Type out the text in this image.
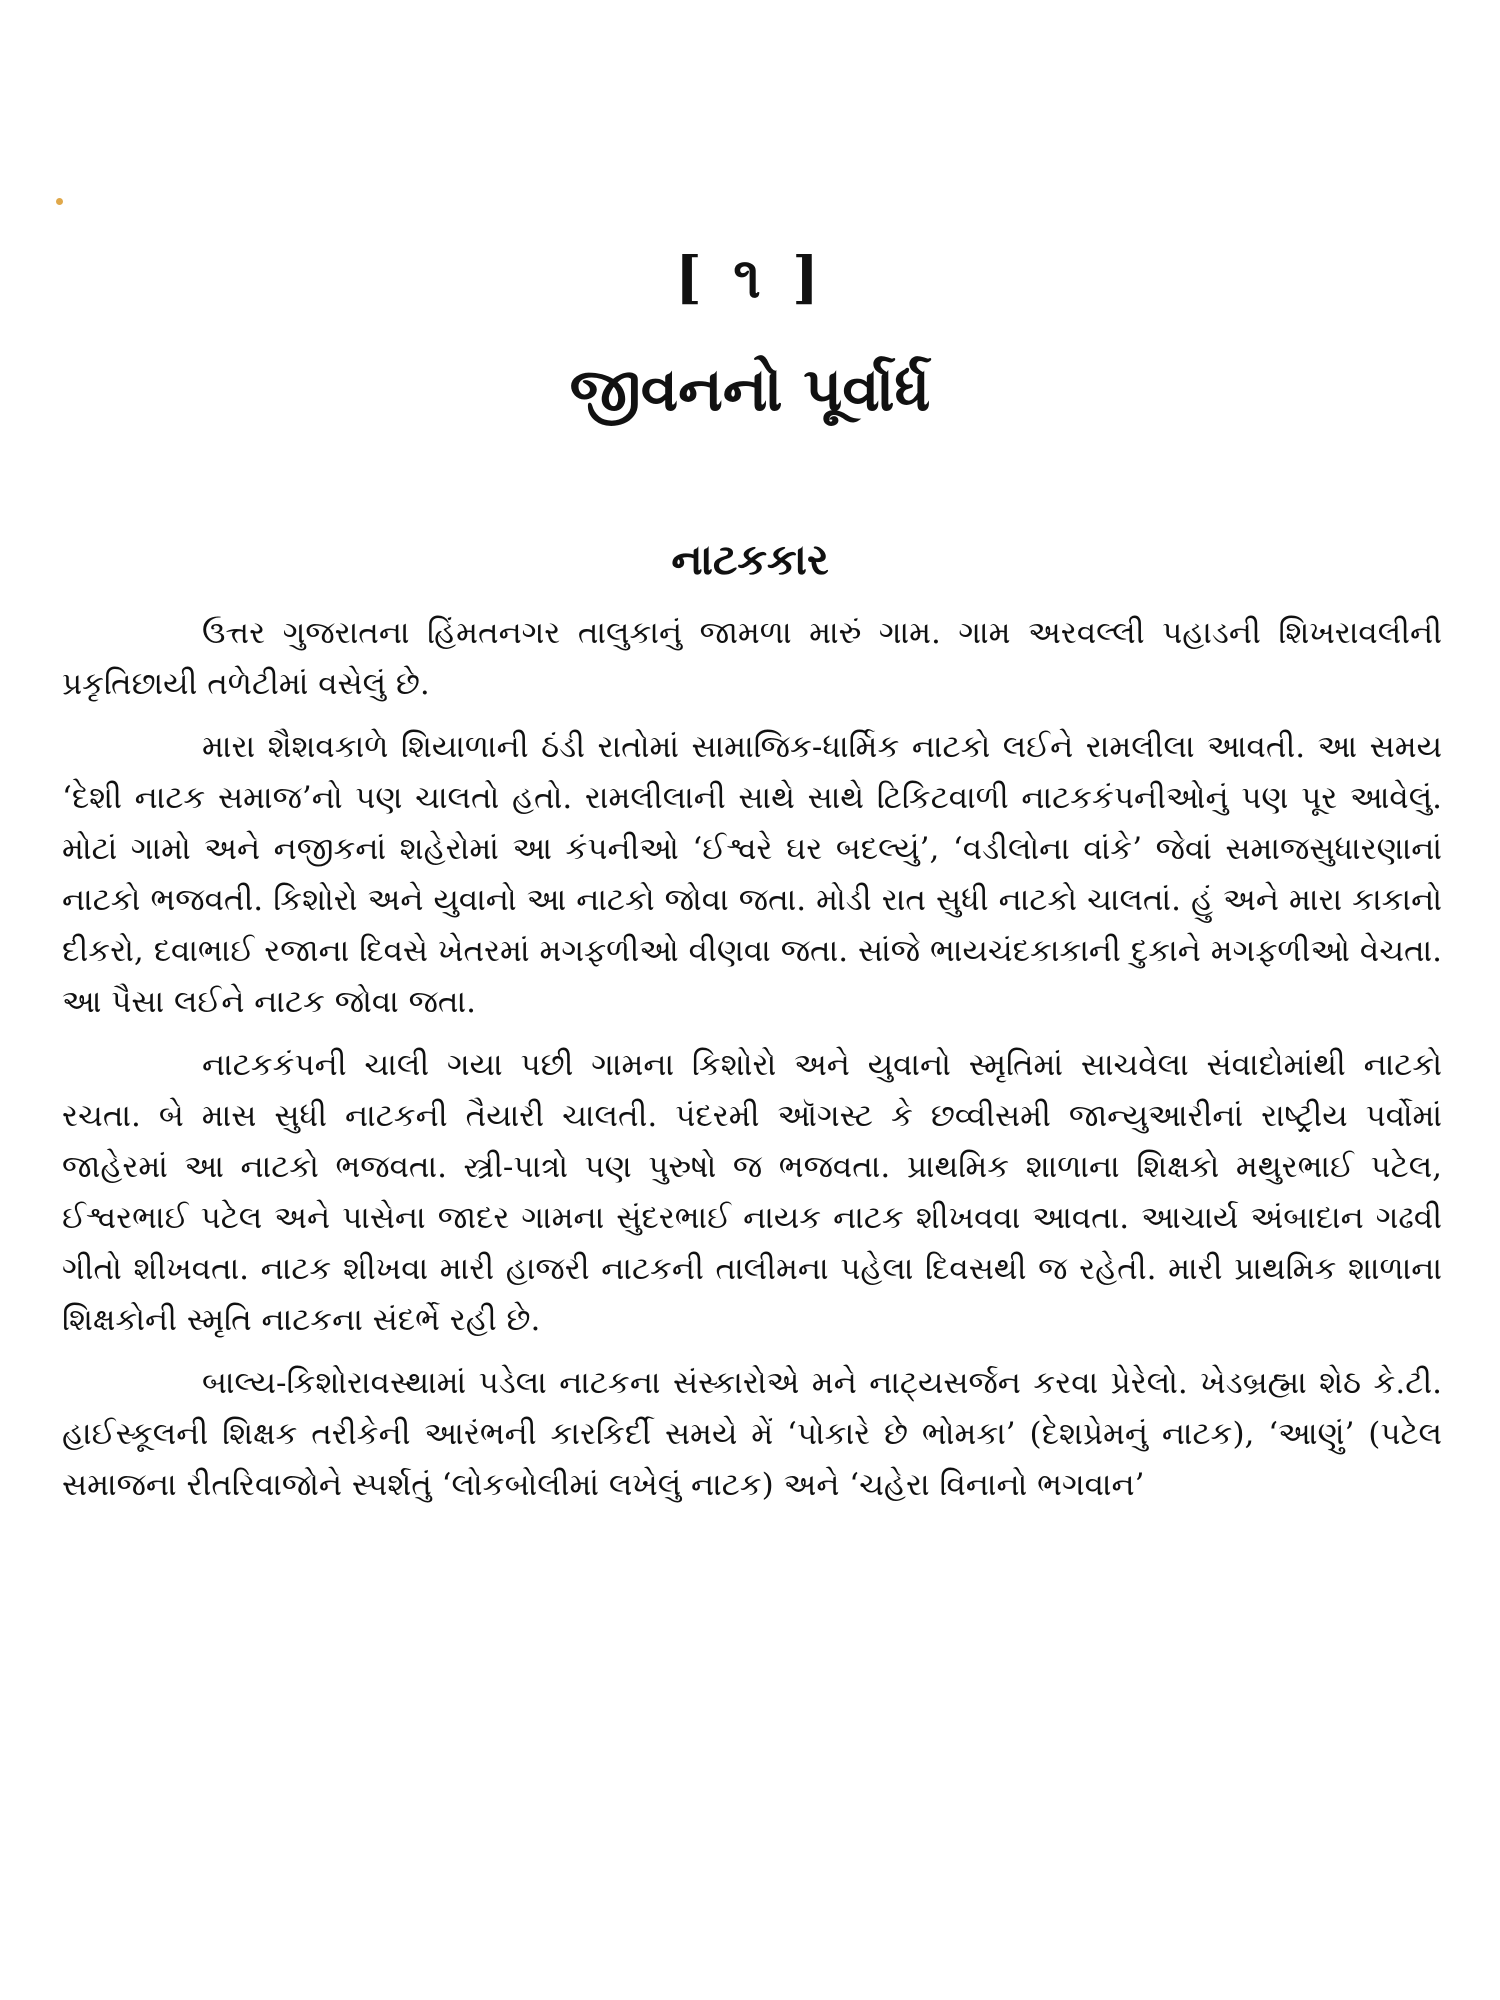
[ ૧ ]
જીવનનો પૂર્વાર્ધ
નાટકકાર

ઉત્તર ગુજરાતના હિંમતનગર તાલુકાનું જામળા મારું ગામ. ગામ અરવલ્લી પહાડની શિખરાવલીની પ્રકૃતિછાયી તળેટીમાં વસેલું છે.

મારા શૈશવકાળે શિયાળાની ઠંડી રાતોમાં સામાજિક-ધાર્મિક નાટકો લઈને રામલીલા આવતી. આ સમય ‘દેશી નાટક સમાજ’નો પણ ચાલતો હતો. રામલીલાની સાથે સાથે ટિકિટવાળી નાટકકંપનીઓનું પણ પૂર આવેલું. મોટાં ગામો અને નજીકનાં શહેરોમાં આ કંપનીઓ ‘ઈશ્વરે ઘર બદલ્યું’, ‘વડીલોના વાંકે’ જેવાં સમાજસુધારણાનાં નાટકો ભજવતી. કિશોરો અને યુવાનો આ નાટકો જોવા જતા. મોડી રાત સુધી નાટકો ચાલતાં. હું અને મારા કાકાનો દીકરો, દવાભાઈ રજાના દિવસે ખેતરમાં મગફળીઓ વીણવા જતા. સાંજે ભાયચંદકાકાની દુકાને મગફળીઓ વેચતા. આ પૈસા લઈને નાટક જોવા જતા.

નાટકકંપની ચાલી ગયા પછી ગામના કિશોરો અને યુવાનો સ્મૃતિમાં સાચવેલા સંવાદોમાંથી નાટકો રચતા. બે માસ સુધી નાટકની તૈયારી ચાલતી. પંદરમી ઑગસ્ટ કે છવ્વીસમી જાન્યુઆરીનાં રાષ્ટ્રીય પર્વોમાં જાહેરમાં આ નાટકો ભજવતા. સ્ત્રી-પાત્રો પણ પુરુષો જ ભજવતા. પ્રાથમિક શાળાના શિક્ષકો મથુરભાઈ પટેલ, ઈશ્વરભાઈ પટેલ અને પાસેના જાદર ગામના સુંદરભાઈ નાયક નાટક શીખવવા આવતા. આચાર્ય અંબાદાન ગઢવી ગીતો શીખવતા. નાટક શીખવા મારી હાજરી નાટકની તાલીમના પહેલા દિવસથી જ રહેતી. મારી પ્રાથમિક શાળાના શિક્ષકોની સ્મૃતિ નાટકના સંદર્ભે રહી છે.

બાલ્ય-કિશોરાવસ્થામાં પડેલા નાટકના સંસ્કારોએ મને નાટ્યસર્જન કરવા પ્રેરેલો. ખેડબ્રહ્મા શેઠ કે.ટી. હાઈસ્કૂલની શિક્ષક તરીકેની આરંભની કારકિર્દી સમયે મેં ‘પોકારે છે ભોમકા’ (દેશપ્રેમનું નાટક), ‘આણું’ (પટેલ સમાજના રીતરિવાજોને સ્પર્શતું ‘લોકબોલીમાં લખેલું નાટક) અને ‘ચહેરા વિનાનો ભગવાન’
